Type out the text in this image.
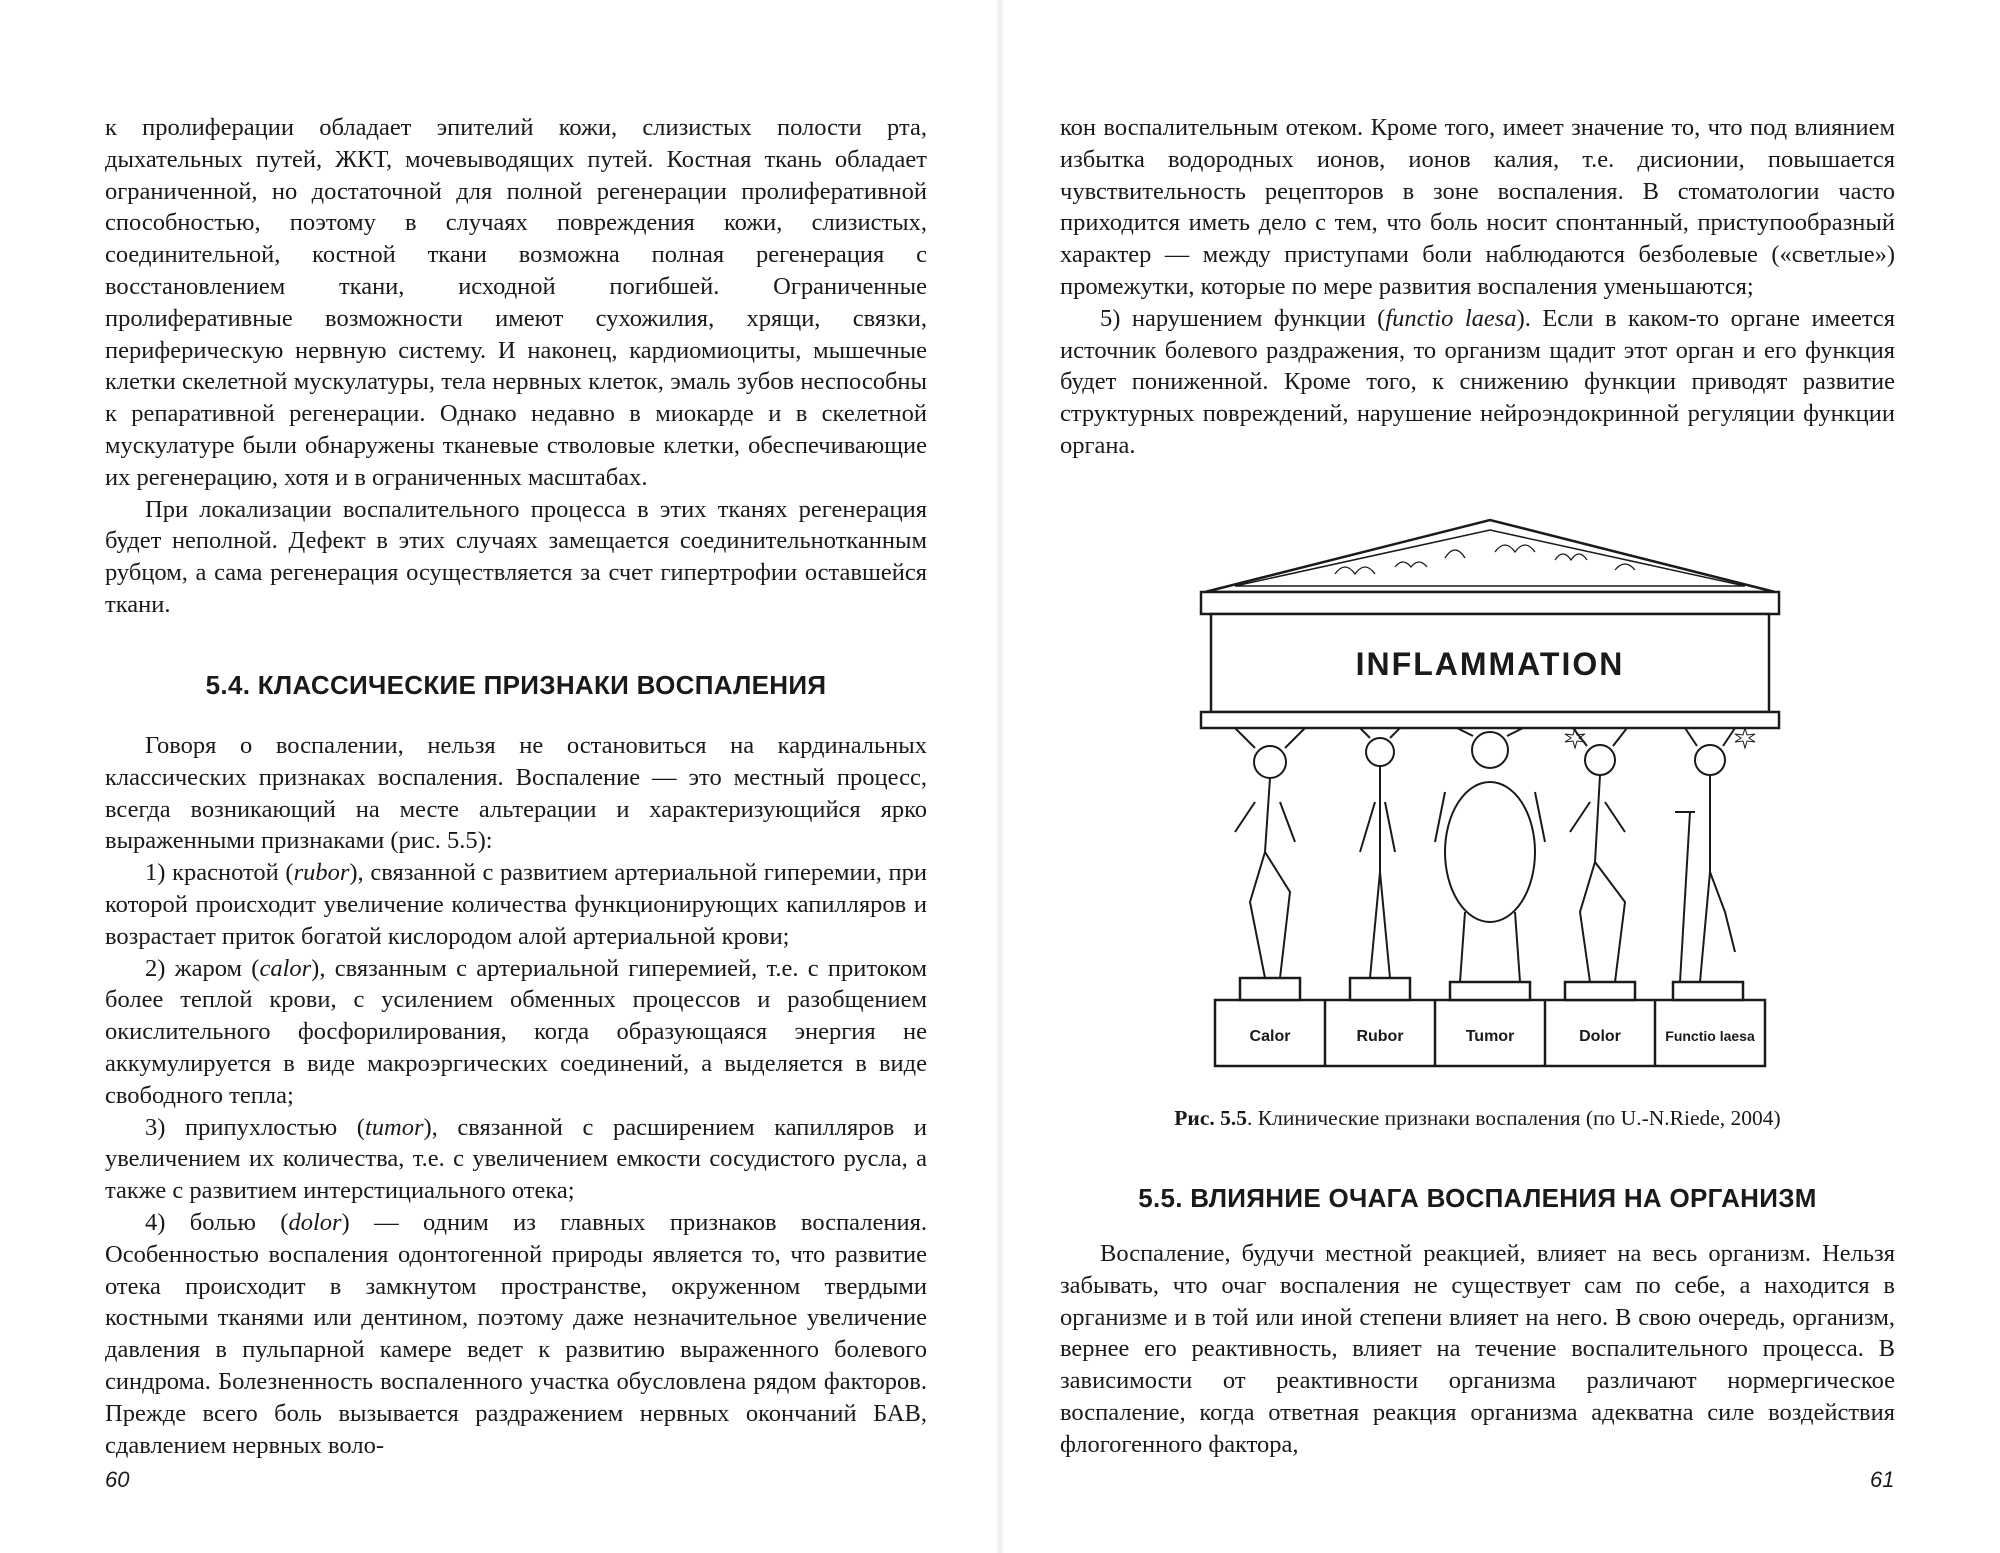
к пролиферации обладает эпителий кожи, слизистых полости рта, дыхательных путей, ЖКТ, мочевыводящих путей. Костная ткань обладает ограниченной, но достаточной для полной регенерации пролиферативной способностью, поэтому в случаях повреждения кожи, слизистых, соединительной, костной ткани возможна полная регенерация с восстановлением ткани, исходной погибшей. Ограниченные пролиферативные возможности имеют сухожилия, хрящи, связки, периферическую нервную систему. И наконец, кардиомиоциты, мышечные клетки скелетной мускулатуры, тела нервных клеток, эмаль зубов неспособны к репаративной регенерации. Однако недавно в миокарде и в скелетной мускулатуре были обнаружены тканевые стволовые клетки, обеспечивающие их регенерацию, хотя и в ограниченных масштабах.

При локализации воспалительного процесса в этих тканях регенерация будет неполной. Дефект в этих случаях замещается соединительнотканным рубцом, а сама регенерация осуществляется за счет гипертрофии оставшейся ткани.

5.4. КЛАССИЧЕСКИЕ ПРИЗНАКИ ВОСПАЛЕНИЯ

Говоря о воспалении, нельзя не остановиться на кардинальных классических признаках воспаления. Воспаление — это местный процесс, всегда возникающий на месте альтерации и характеризующийся ярко выраженными признаками (рис. 5.5):

1) краснотой (rubor), связанной с развитием артериальной гиперемии, при которой происходит увеличение количества функционирующих капилляров и возрастает приток богатой кислородом алой артериальной крови;

2) жаром (calor), связанным с артериальной гиперемией, т.е. с притоком более теплой крови, с усилением обменных процессов и разобщением окислительного фосфорилирования, когда образующаяся энергия не аккумулируется в виде макроэргических соединений, а выделяется в виде свободного тепла;

3) припухлостью (tumor), связанной с расширением капилляров и увеличением их количества, т.е. с увеличением емкости сосудистого русла, а также с развитием интерстициального отека;

4) болью (dolor) — одним из главных признаков воспаления. Особенностью воспаления одонтогенной природы является то, что развитие отека происходит в замкнутом пространстве, окруженном твердыми костными тканями или дентином, поэтому даже незначительное увеличение давления в пульпарной камере ведет к развитию выраженного болевого синдрома. Болезненность воспаленного участка обусловлена рядом факторов. Прежде всего боль вызывается раздражением нервных окончаний БАВ, сдавлением нервных воло-

60

кон воспалительным отеком. Кроме того, имеет значение то, что под влиянием избытка водородных ионов, ионов калия, т.е. дисионии, повышается чувствительность рецепторов в зоне воспаления. В стоматологии часто приходится иметь дело с тем, что боль носит спонтанный, приступообразный характер — между приступами боли наблюдаются безболевые («светлые») промежутки, которые по мере развития воспаления уменьшаются;

5) нарушением функции (functio laesa). Если в каком-то органе имеется источник болевого раздражения, то организм щадит этот орган и его функция будет пониженной. Кроме того, к снижению функции приводят развитие структурных повреждений, нарушение нейроэндокринной регуляции функции органа.

INFLAMMATION
Calor	Rubor	Tumor	Dolor	Functio laesa
Рис. 5.5. Клинические признаки воспаления (по U.-N.Riede, 2004)
5.5. ВЛИЯНИЕ ОЧАГА ВОСПАЛЕНИЯ НА ОРГАНИЗМ

Воспаление, будучи местной реакцией, влияет на весь организм. Нельзя забывать, что очаг воспаления не существует сам по себе, а находится в организме и в той или иной степени влияет на него. В свою очередь, организм, вернее его реактивность, влияет на течение воспалительного процесса. В зависимости от реактивности организма различают нормергическое воспаление, когда ответная реакция организма адекватна силе воздействия флогогенного фактора,

61
